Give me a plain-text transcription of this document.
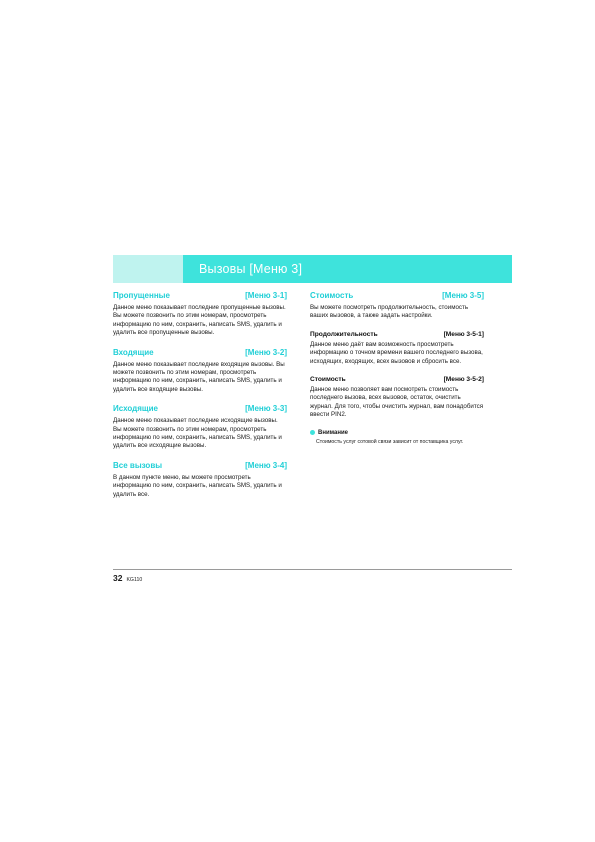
Вызовы [Меню 3]
Пропущенные	[Меню 3-1]

Данное меню показывает последние пропущенные вызовы. Вы можете позвонить по этим номерам, просмотреть информацию по ним, сохранить, написать SMS, удалить и удалить все пропущенные вызовы.

Входящие	[Меню 3-2]

Данное меню показывает последние входящие вызовы. Вы можете позвонить по этим номерам, просмотреть информацию по ним, сохранить, написать SMS, удалить и удалить все входящие вызовы.

Исходящие	[Меню 3-3]

Данное меню показывает последние исходящие вызовы. Вы можете позвонить по этим номерам, просмотреть информацию по ним, сохранить, написать SMS, удалить и удалить все исходящие вызовы.

Все вызовы	[Меню 3-4]

В данном пункте меню, вы можете просмотреть информацию по ним, сохранить, написать SMS, удалить и удалить все.

Стоимость	[Меню 3-5]

Вы можете посмотреть продолжительность, стоимость ваших вызовов, а также задать настройки.

Продолжительность	[Меню 3-5-1]

Данное меню даёт вам возможность просмотреть информацию о точном времени вашего последнего вызова, исходящих, входящих, всех вызовов и сбросить все.

Стоимость	[Меню 3-5-2]

Данное меню позволяет вам посмотреть стоимость последнего вызова, всех вызовов, остаток, очистить журнал. Для того, чтобы очистить журнал, вам понадобится ввести PIN2.

Внимание
Стоимость услуг сотовой связи зависит от поставщика услуг.
32 KG110
